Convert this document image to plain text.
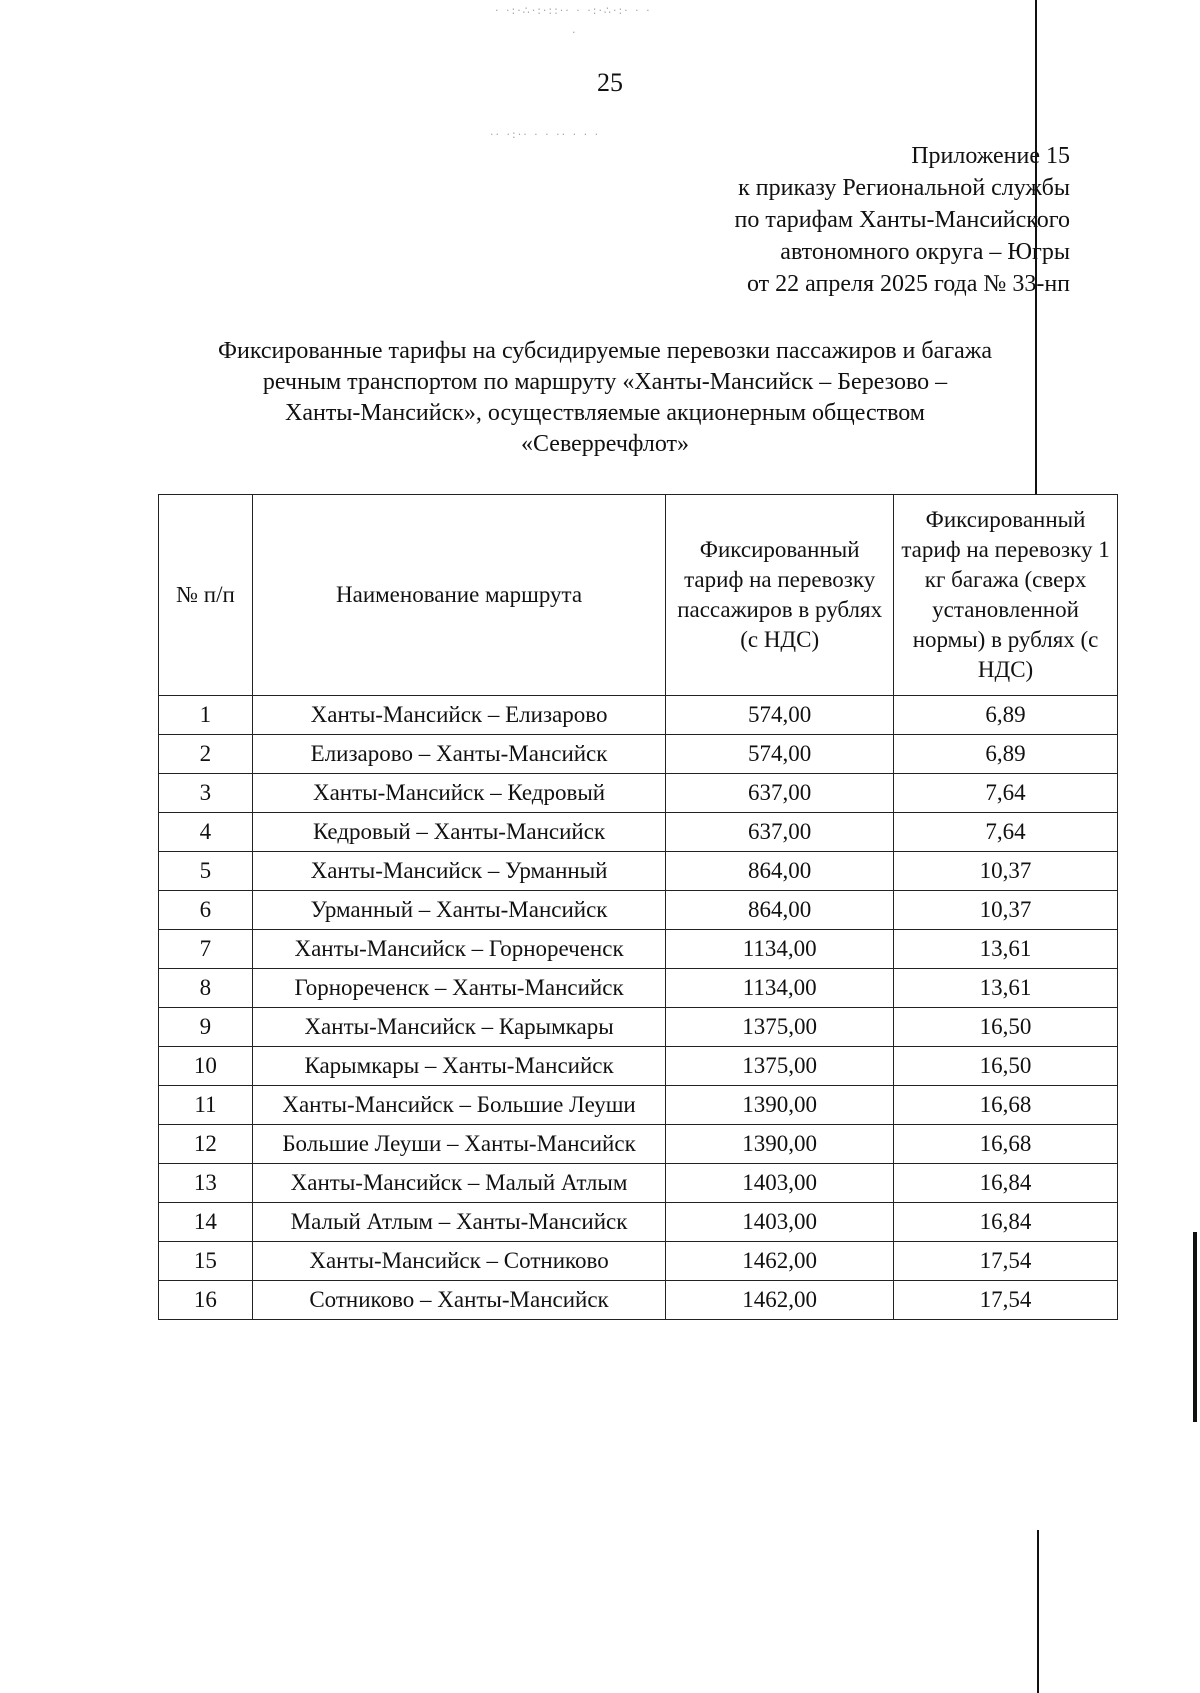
· ·:·∴·:·::·· · ·:·∴·:· · ·
·
·· ·:·· · · ·· · · ·
25
Приложение 15
к приказу Региональной службы
по тарифам Ханты-Мансийского
автономного округа – Югры
от 22 апреля 2025 года № 33-нп
Фиксированные тарифы на субсидируемые перевозки пассажиров и багажа
речным транспортом по маршруту «Ханты-Мансийск – Березово –
Ханты-Мансийск», осуществляемые акционерным обществом
«Северречфлот»
№ п/п	Наименование маршрута	Фиксированный тариф на перевозку пассажиров в рублях (с НДС)	Фиксированный тариф на перевозку 1 кг багажа (сверх установленной нормы) в рублях (с НДС)
1	Ханты-Мансийск – Елизарово	574,00	6,89
2	Елизарово – Ханты-Мансийск	574,00	6,89
3	Ханты-Мансийск – Кедровый	637,00	7,64
4	Кедровый – Ханты-Мансийск	637,00	7,64
5	Ханты-Мансийск – Урманный	864,00	10,37
6	Урманный – Ханты-Мансийск	864,00	10,37
7	Ханты-Мансийск – Горнореченск	1134,00	13,61
8	Горнореченск – Ханты-Мансийск	1134,00	13,61
9	Ханты-Мансийск – Карымкары	1375,00	16,50
10	Карымкары – Ханты-Мансийск	1375,00	16,50
11	Ханты-Мансийск – Большие Леуши	1390,00	16,68
12	Большие Леуши – Ханты-Мансийск	1390,00	16,68
13	Ханты-Мансийск – Малый Атлым	1403,00	16,84
14	Малый Атлым – Ханты-Мансийск	1403,00	16,84
15	Ханты-Мансийск – Сотниково	1462,00	17,54
16	Сотниково – Ханты-Мансийск	1462,00	17,54
